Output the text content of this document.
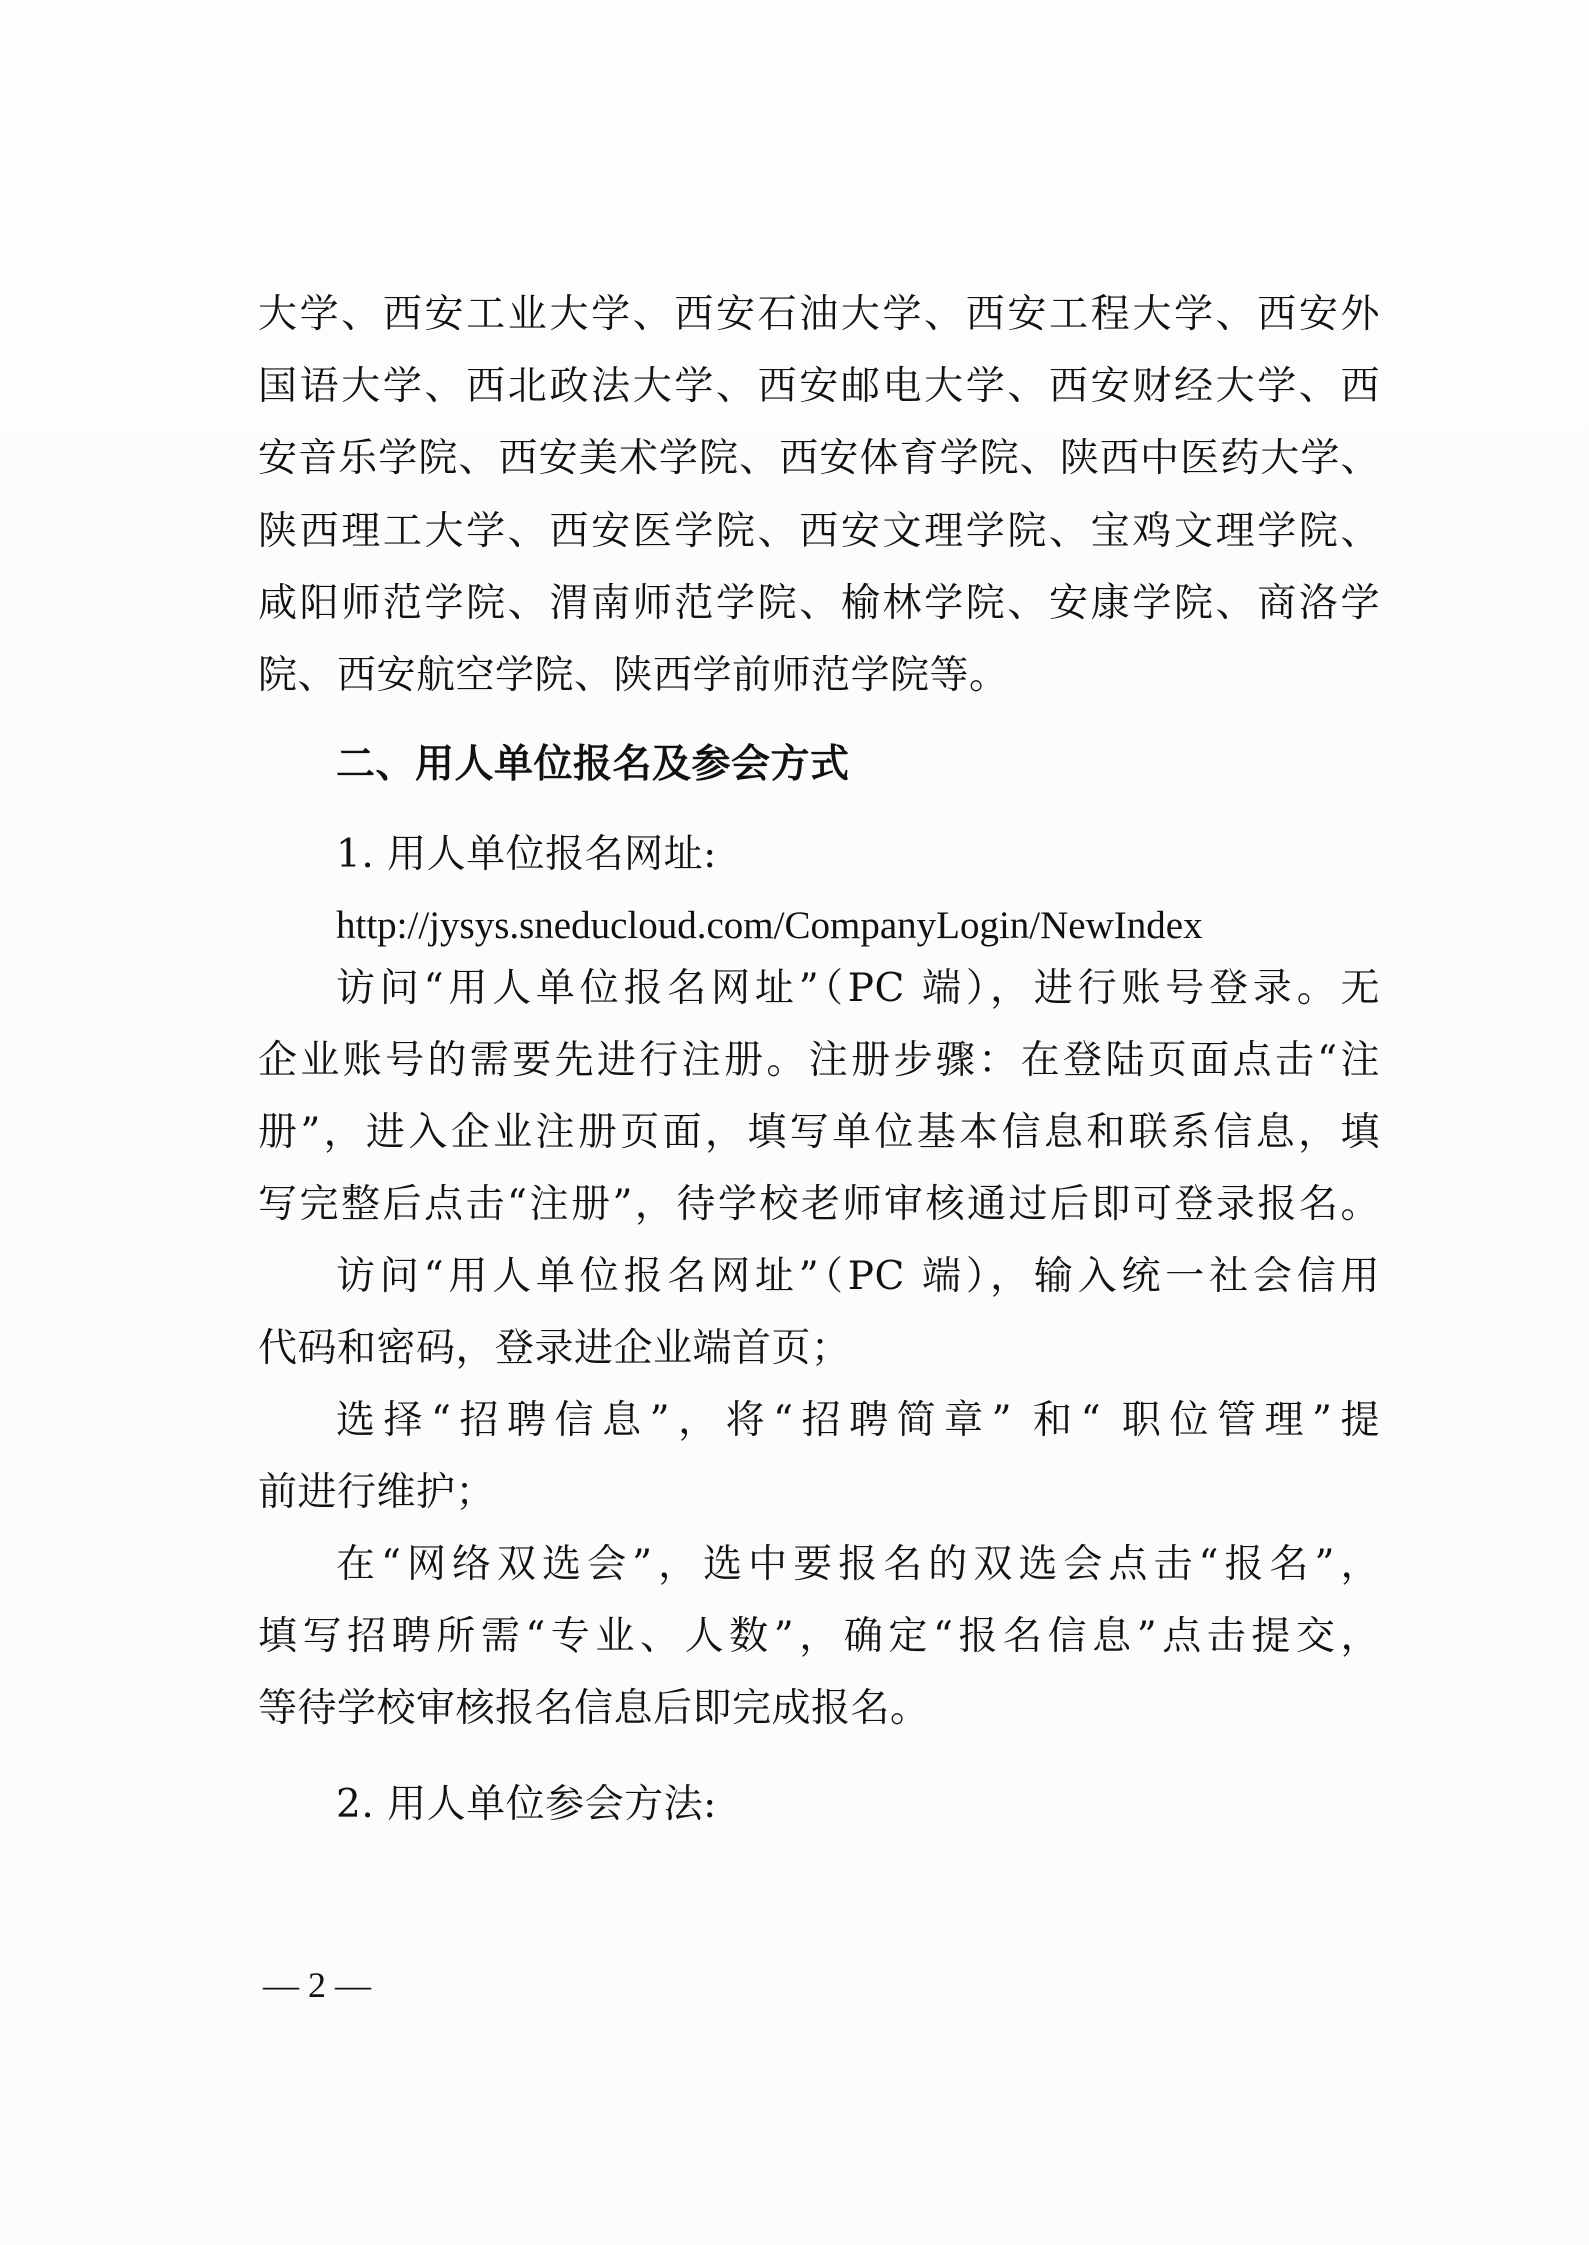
大学、西安工业大学、西安石油大学、西安工程大学、西安外
国语大学、西北政法大学、西安邮电大学、西安财经大学、西
安音乐学院、西安美术学院、西安体育学院、陕西中医药大学、
陕西理工大学、西安医学院、西安文理学院、宝鸡文理学院、
咸阳师范学院、渭南师范学院、榆林学院、安康学院、商洛学
院、西安航空学院、陕西学前师范学院等。
二、用人单位报名及参会方式
1. 用人单位报名网址:
http://jysys.sneducloud.com/CompanyLogin/NewIndex
访问“用人单位报名网址”（PC 端），进行账号登录。无
企业账号的需要先进行注册。注册步骤：在登陆页面点击“注
册”，进入企业注册页面，填写单位基本信息和联系信息，填
写完整后点击“注册”，待学校老师审核通过后即可登录报名。
访问“用人单位报名网址”（PC 端），输入统一社会信用
代码和密码，登录进企业端首页；
选择“招聘信息”，将“招聘简章” 和“ 职位管理”提
前进行维护；
在“网络双选会”，选中要报名的双选会点击“报名”，
填写招聘所需“专业、人数”，确定“报名信息”点击提交，
等待学校审核报名信息后即完成报名。
2. 用人单位参会方法:
— 2 —
